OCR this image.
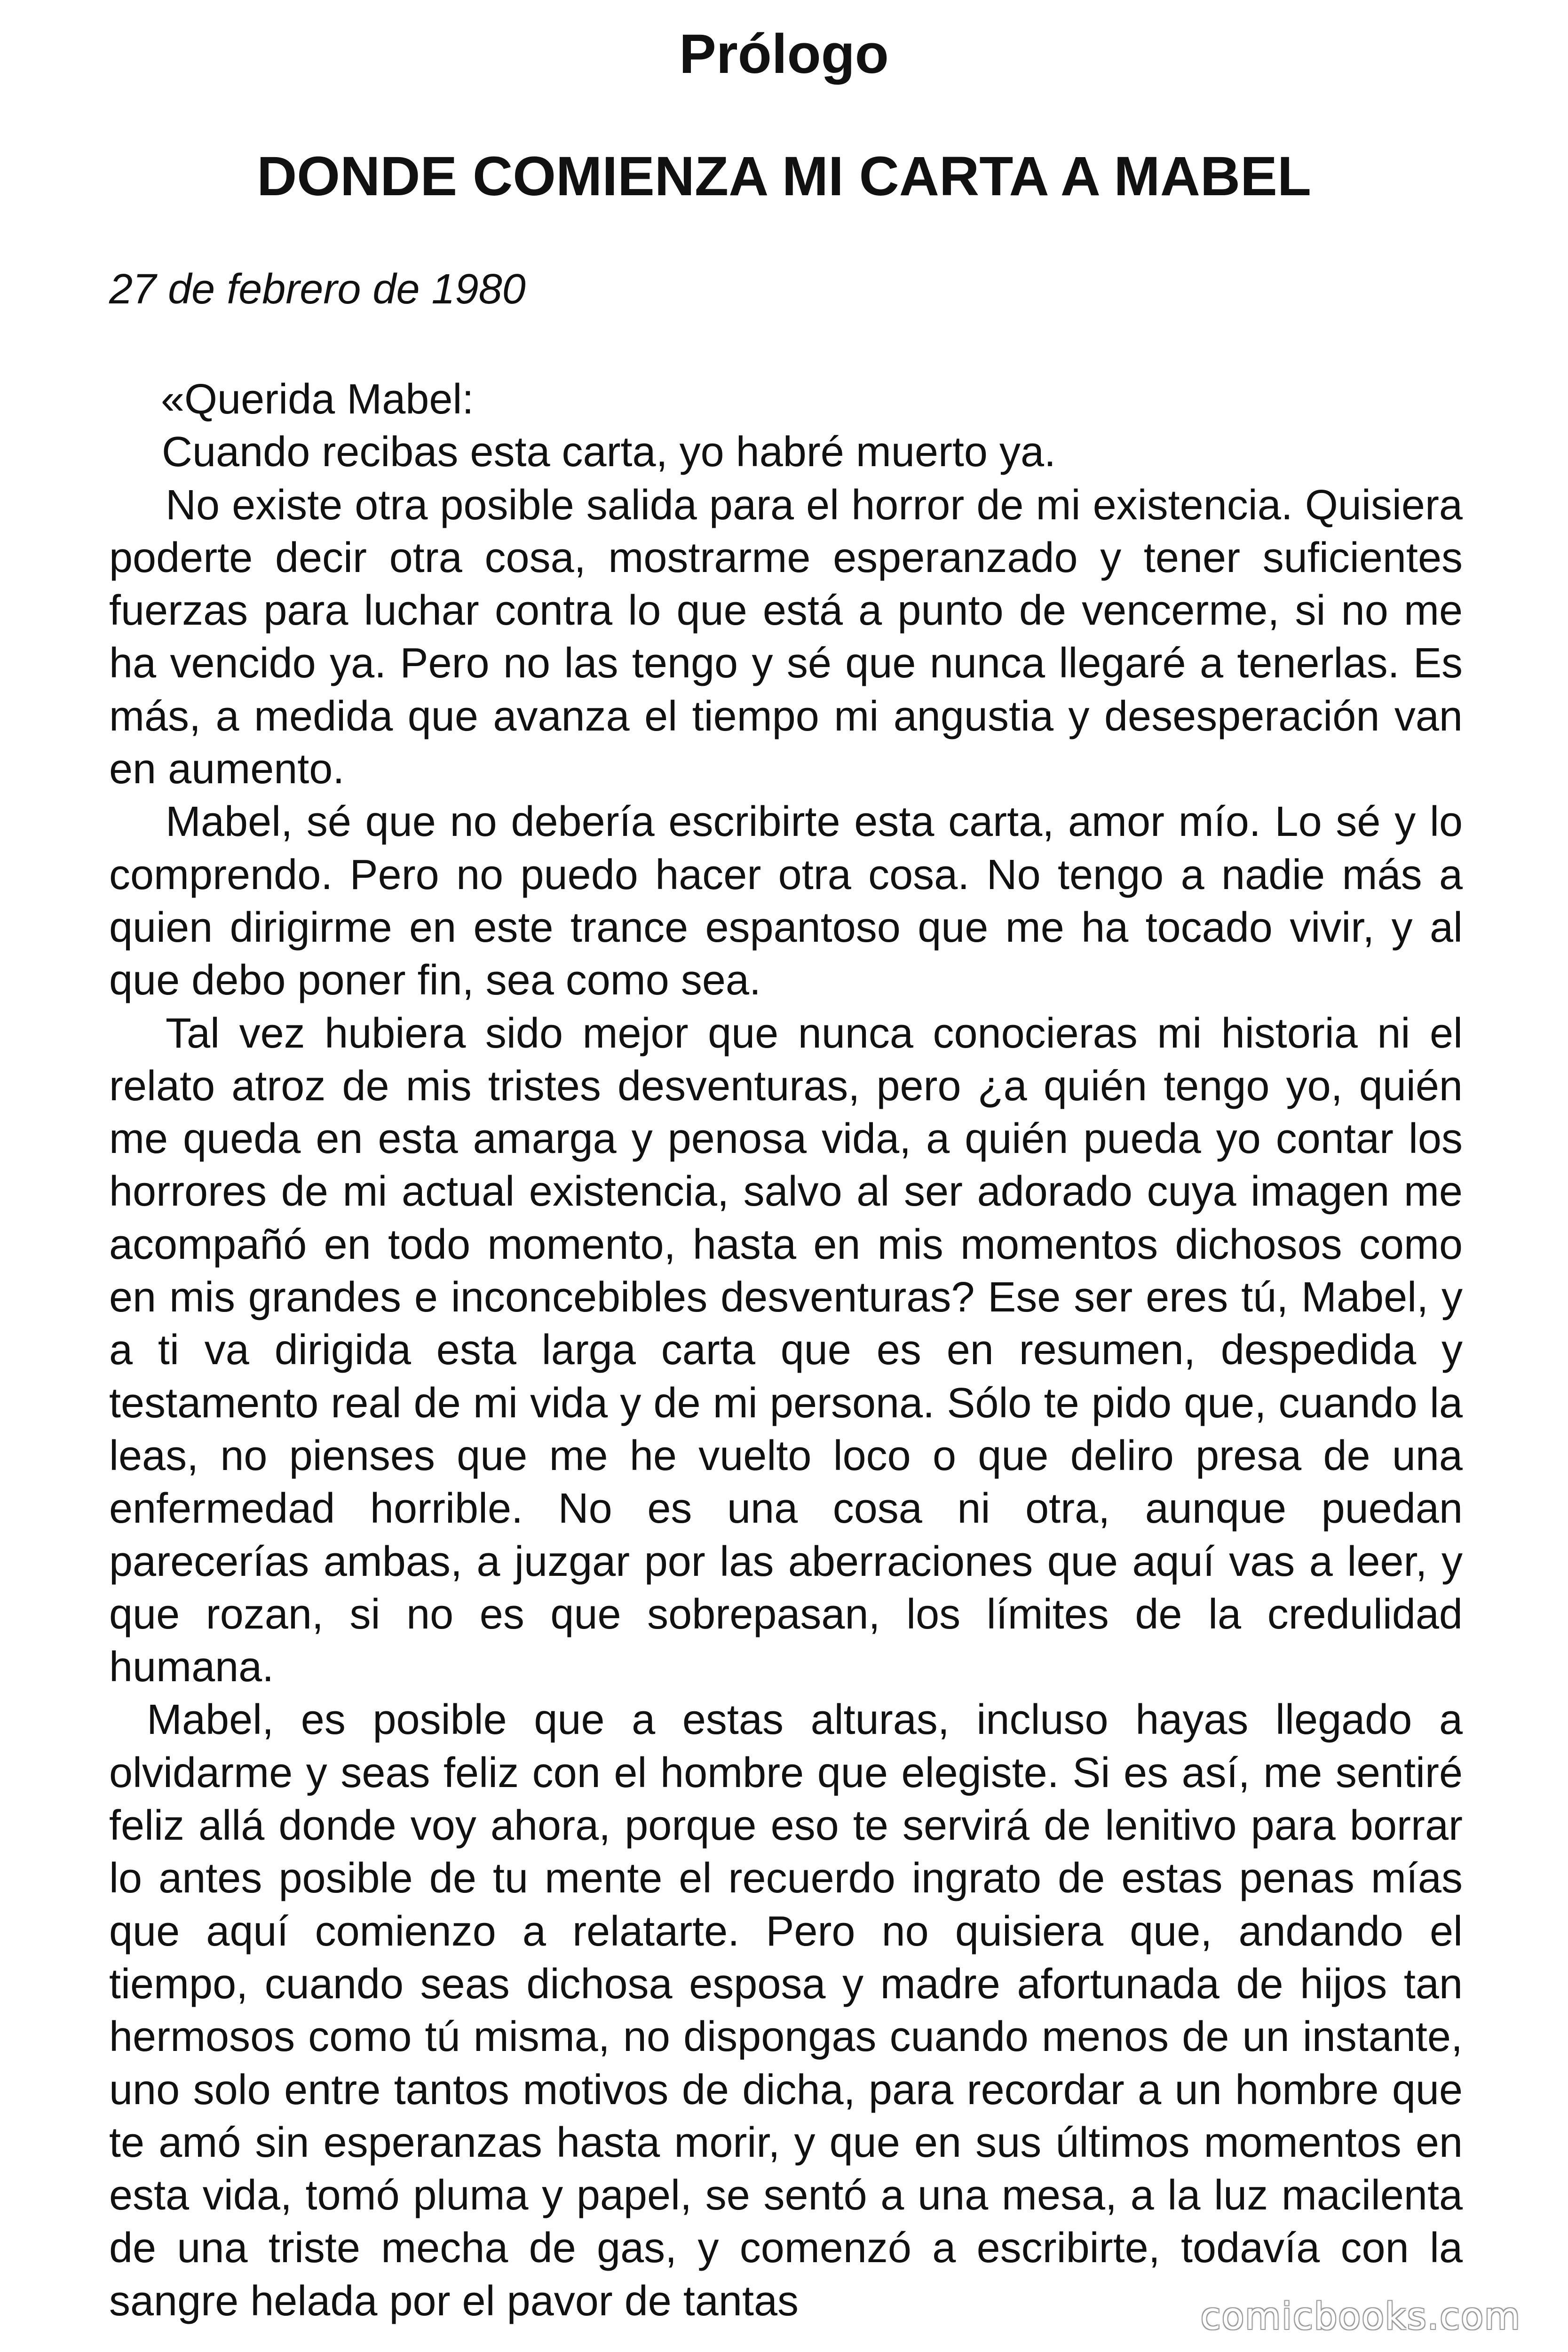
Prólogo
DONDE COMIENZA MI CARTA A MABEL

27 de febrero de 1980

«Querida Mabel:

Cuando recibas esta carta, yo habré muerto ya.

No existe otra posible salida para el horror de mi existencia. Quisiera poderte decir otra cosa, mostrarme esperanzado y tener suficientes fuerzas para luchar contra lo que está a punto de vencerme, si no me ha vencido ya. Pero no las tengo y sé que nunca llegaré a tenerlas. Es más, a medida que avanza el tiempo mi angustia y desesperación van en aumento.

Mabel, sé que no debería escribirte esta carta, amor mío. Lo sé y lo comprendo. Pero no puedo hacer otra cosa. No tengo a nadie más a quien dirigirme en este trance espantoso que me ha tocado vivir, y al que debo poner fin, sea como sea.

Tal vez hubiera sido mejor que nunca conocieras mi historia ni el relato atroz de mis tristes desventuras, pero ¿a quién tengo yo, quién me queda en esta amarga y penosa vida, a quién pueda yo contar los horrores de mi actual existencia, salvo al ser adorado cuya imagen me acompañó en todo momento, hasta en mis momentos dichosos como en mis grandes e inconcebibles desventuras? Ese ser eres tú, Mabel, y a ti va dirigida esta larga carta que es en resumen, despedida y testamento real de mi vida y de mi persona. Sólo te pido que, cuando la leas, no pienses que me he vuelto loco o que deliro presa de una enfermedad horrible. No es una cosa ni otra, aunque puedan parecerías ambas, a juzgar por las aberraciones que aquí vas a leer, y que rozan, si no es que sobrepasan, los límites de la credulidad humana.

Mabel, es posible que a estas alturas, incluso hayas llegado a olvidarme y seas feliz con el hombre que elegiste. Si es así, me sentiré feliz allá donde voy ahora, porque eso te servirá de lenitivo para borrar lo antes posible de tu mente el recuerdo ingrato de estas penas mías que aquí comienzo a relatarte. Pero no quisiera que, andando el tiempo, cuando seas dichosa esposa y madre afortunada de hijos tan hermosos como tú misma, no dispongas cuando menos de un instante, uno solo entre tantos motivos de dicha, para recordar a un hombre que te amó sin esperanzas hasta morir, y que en sus últimos momentos en esta vida, tomó pluma y papel, se sentó a una mesa, a la luz macilenta de una triste mecha de gas, y comenzó a escribirte, todavía con la sangre helada por el pavor de tantas	comicbooks.com
